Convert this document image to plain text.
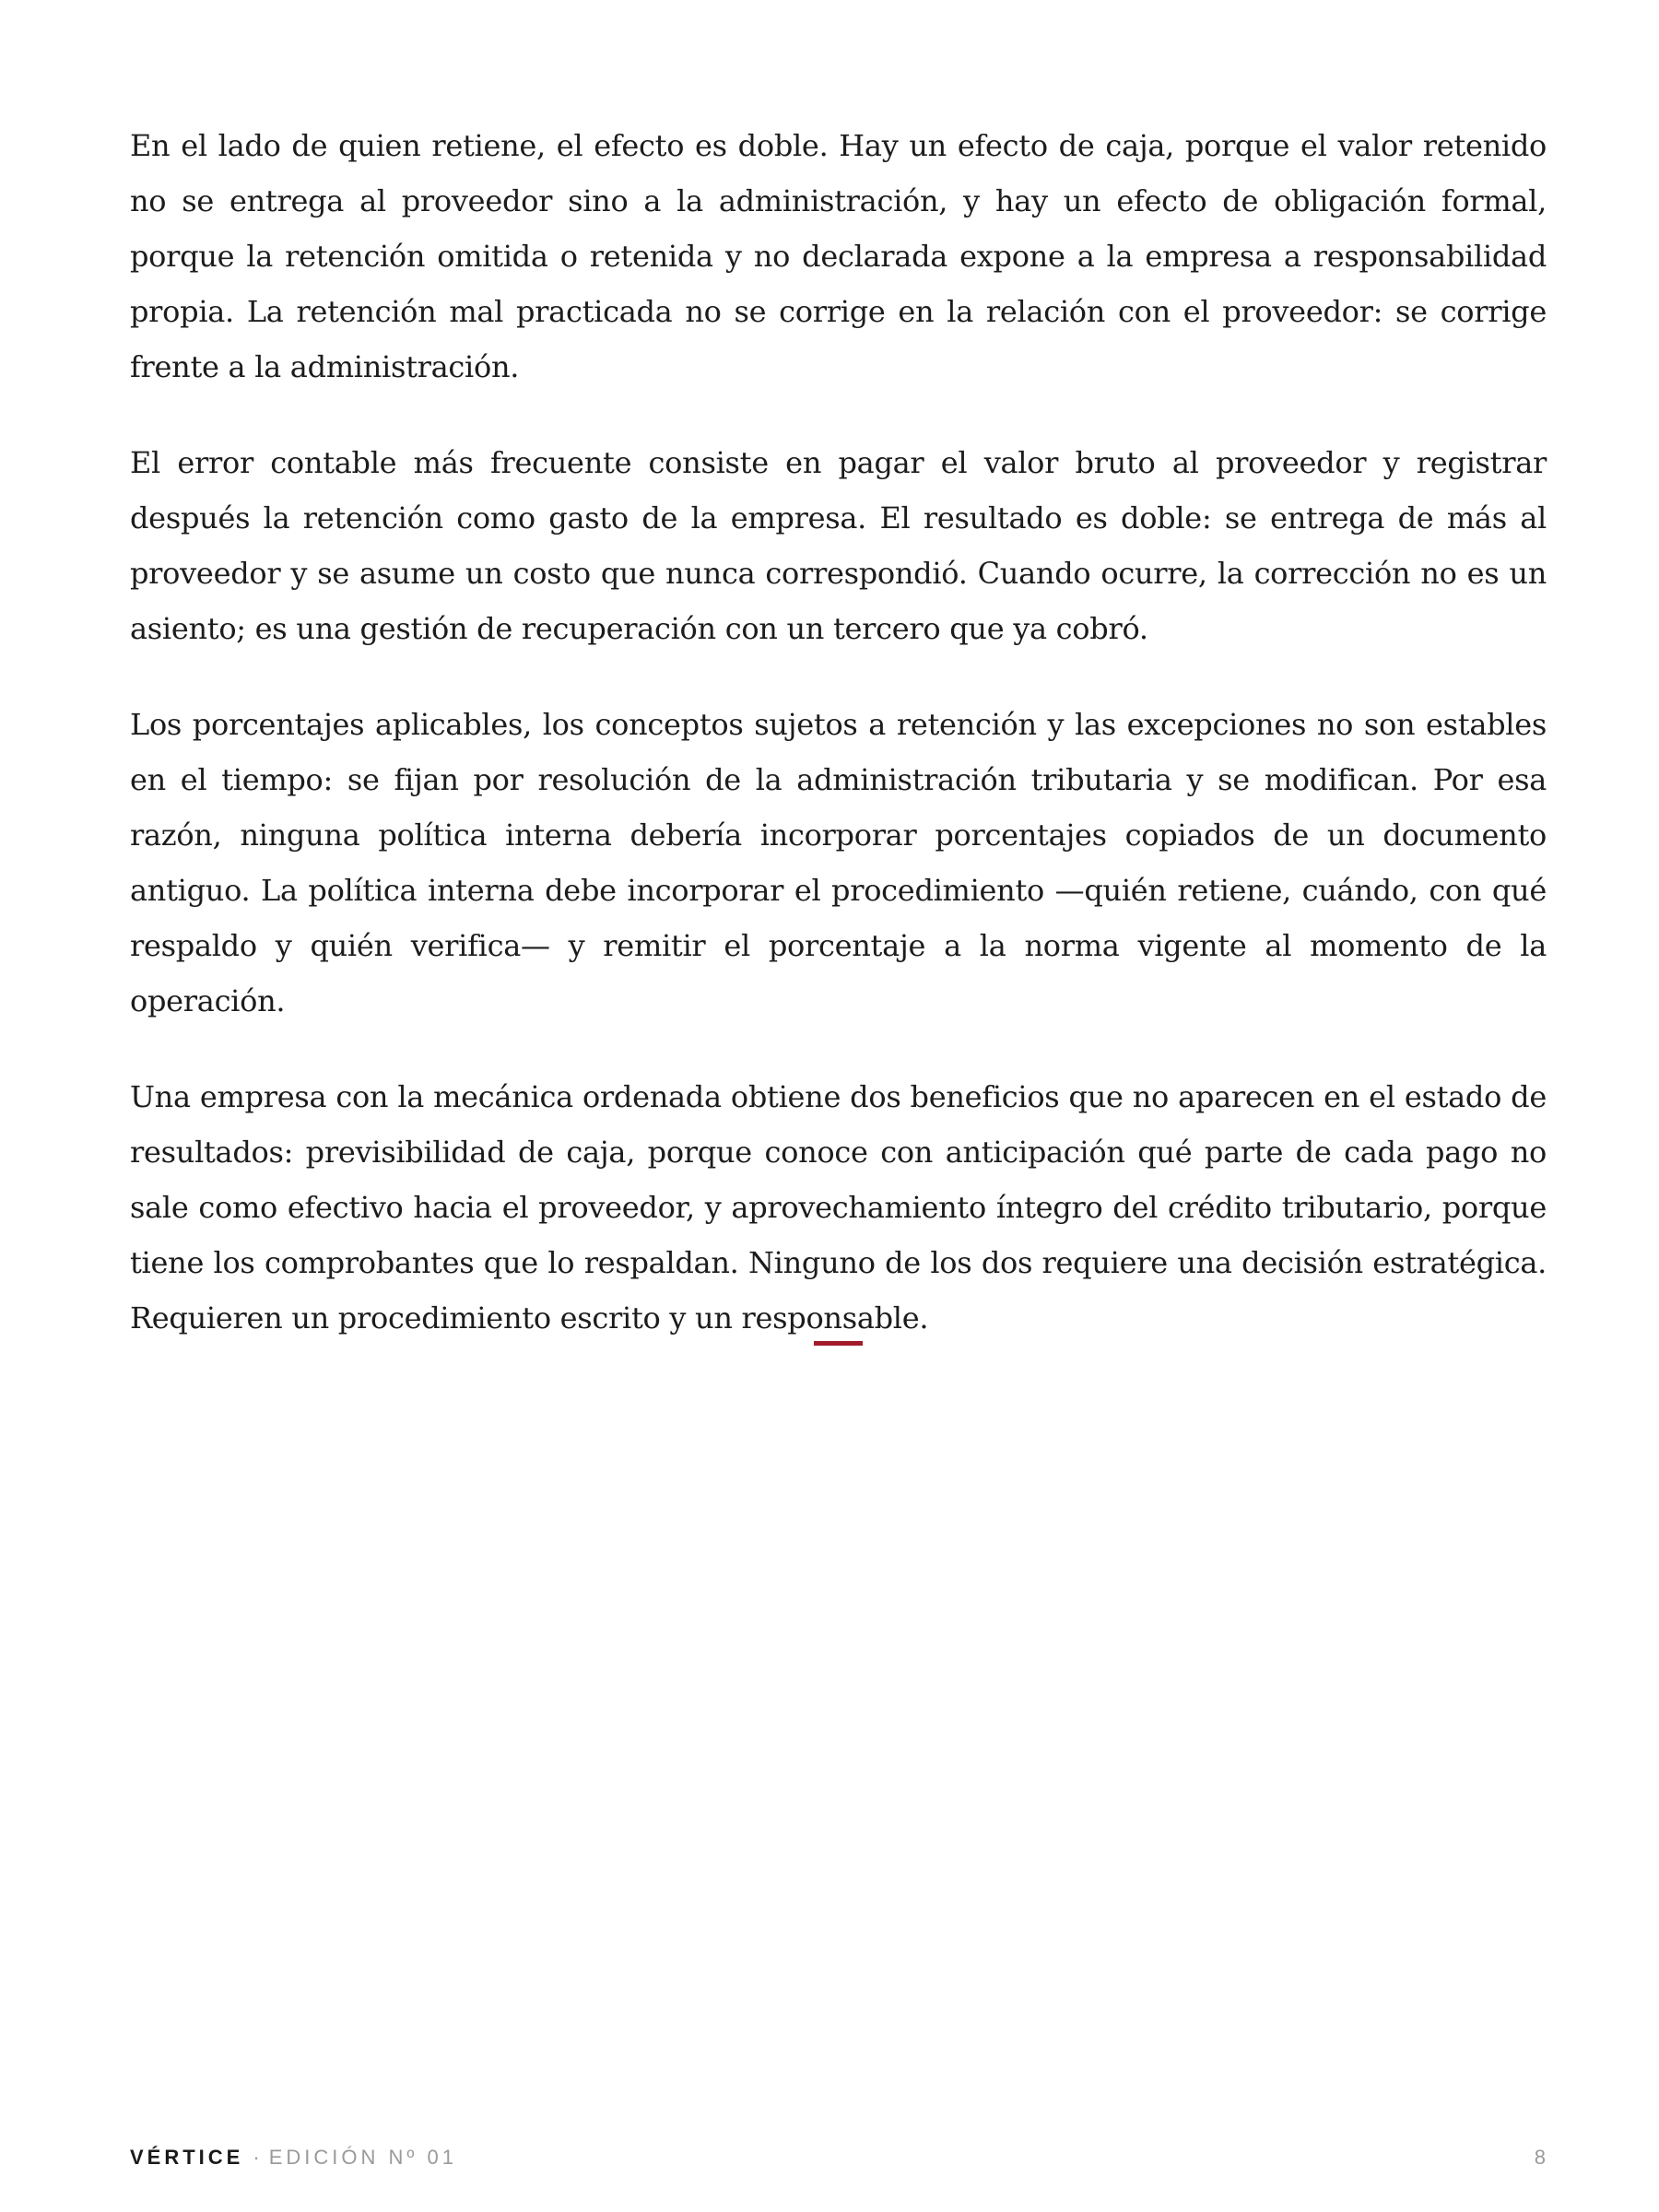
En el lado de quien retiene, el efecto es doble. Hay un efecto de caja, porque el valor retenido no se entrega al proveedor sino a la administración, y hay un efecto de obligación formal, porque la retención omitida o retenida y no declarada expone a la empresa a responsabilidad propia. La retención mal practicada no se corrige en la relación con el proveedor: se corrige frente a la administración.

El error contable más frecuente consiste en pagar el valor bruto al proveedor y registrar después la retención como gasto de la empresa. El resultado es doble: se entrega de más al proveedor y se asume un costo que nunca correspondió. Cuando ocurre, la corrección no es un asiento; es una gestión de recuperación con un tercero que ya cobró.

Los porcentajes aplicables, los conceptos sujetos a retención y las excepciones no son estables en el tiempo: se fijan por resolución de la administración tributaria y se modifican. Por esa razón, ninguna política interna debería incorporar porcentajes copiados de un documento antiguo. La política interna debe incorporar el procedimiento —quién retiene, cuándo, con qué respaldo y quién verifica— y remitir el porcentaje a la norma vigente al momento de la operación.

Una empresa con la mecánica ordenada obtiene dos beneficios que no aparecen en el estado de resultados: previsibilidad de caja, porque conoce con anticipación qué parte de cada pago no sale como efectivo hacia el proveedor, y aprovechamiento íntegro del crédito tributario, porque tiene los comprobantes que lo respaldan. Ninguno de los dos requiere una decisión estratégica. Requieren un procedimiento escrito y un responsable.

VÉRTICE · EDICIÓN Nº 01	8
